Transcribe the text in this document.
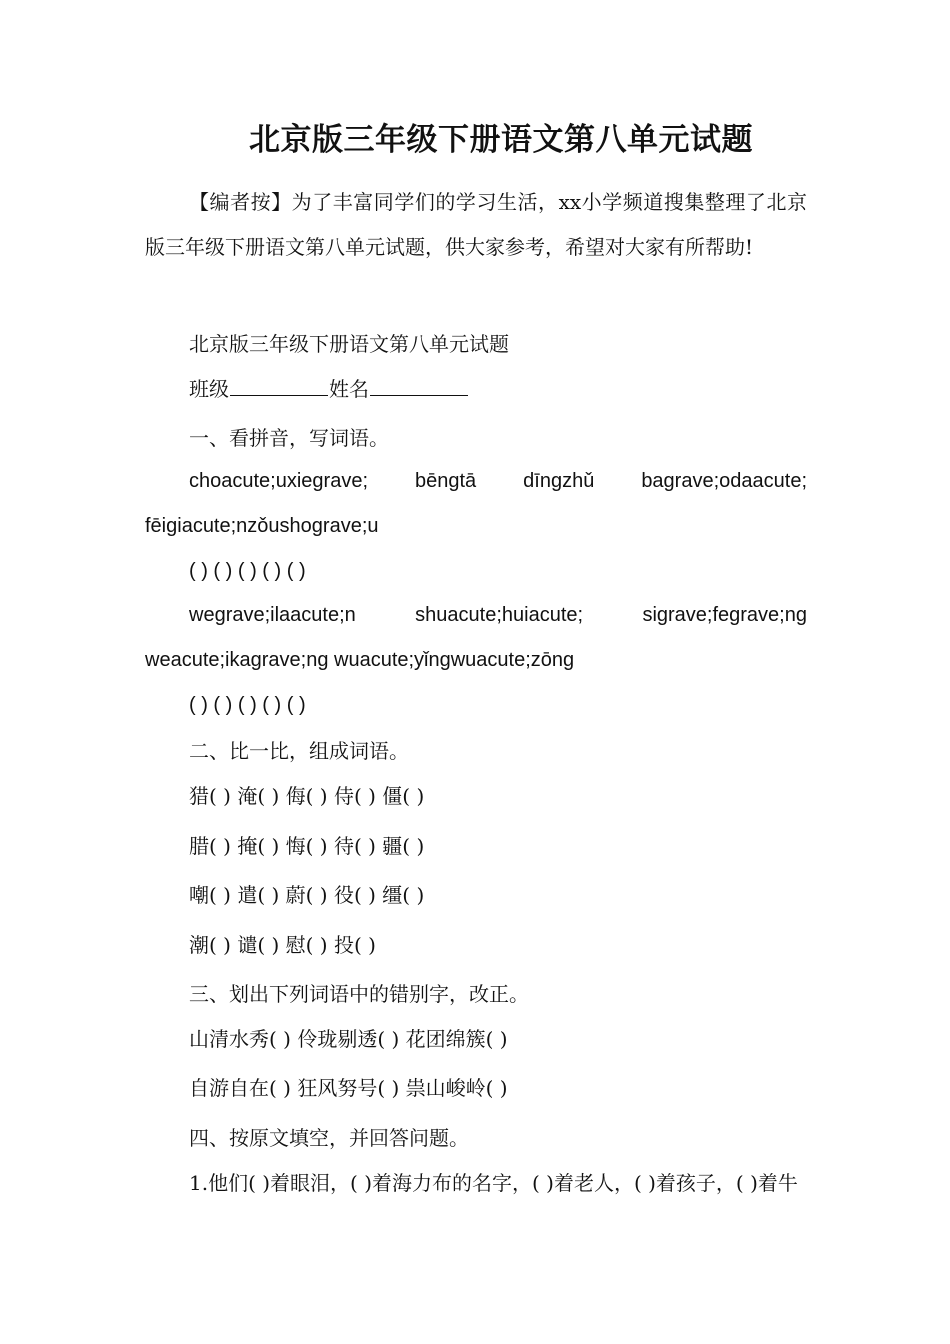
北京版三年级下册语文第八单元试题
【编者按】为了丰富同学们的学习生活，xx小学频道搜集整理了北京版三年级下册语文第八单元试题，供大家参考，希望对大家有所帮助!
北京版三年级下册语文第八单元试题
班级	姓名
一、看拼音，写词语。
choacute;uxiegrave; bēngtā dīngzhǔ bagrave;odaacute;
fēigiacute;nzǒushograve;u
( ) ( ) ( ) ( ) ( )
wegrave;ilaacute;n	shuacute;huiacute;	sigrave;fegrave;ng
weacute;ikagrave;ng wuacute;yǐngwuacute;zōng
( ) ( ) ( ) ( ) ( )
二、比一比，组成词语。
猎( ) 淹( ) 侮( ) 侍( ) 僵( )
腊( ) 掩( ) 悔( ) 待( ) 疆( )
嘲( ) 遣( ) 蔚( ) 役( ) 缰( )
潮( ) 谴( ) 慰( ) 投( )
三、划出下列词语中的错别字，改正。
山清水秀( ) 伶珑剔透( ) 花团绵簇( )
自游自在( ) 狂风努号( ) 祟山峻岭( )
四、按原文填空，并回答问题。
1.他们( )着眼泪，( )着海力布的名字，( )着老人，( )着孩子，( )着牛
